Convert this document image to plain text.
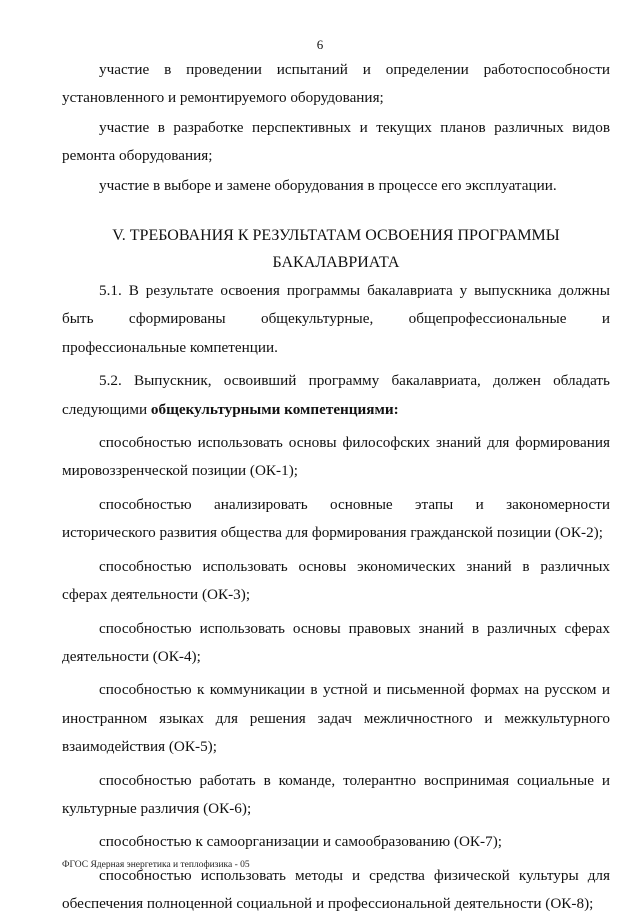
6

участие в проведении испытаний и определении работоспособности установленного и ремонтируемого оборудования;

участие в разработке перспективных и текущих планов различных видов ремонта оборудования;

участие в выборе и замене оборудования в процессе его эксплуатации.

V. ТРЕБОВАНИЯ К РЕЗУЛЬТАТАМ ОСВОЕНИЯ ПРОГРАММЫ
БАКАЛАВРИАТА

5.1. В результате освоения программы бакалавриата у выпускника должны быть сформированы общекультурные, общепрофессиональные и профессиональные компетенции.

5.2. Выпускник, освоивший программу бакалавриата, должен обладать следующими общекультурными компетенциями:

способностью использовать основы философских знаний для формирования мировоззренческой позиции (ОК-1);

способностью анализировать основные этапы и закономерности исторического развития общества для формирования гражданской позиции (ОК-2);

способностью использовать основы экономических знаний в различных сферах деятельности (ОК-3);

способностью использовать основы правовых знаний в различных сферах деятельности (ОК-4);

способностью к коммуникации в устной и письменной формах на русском и иностранном языках для решения задач межличностного и межкультурного взаимодействия (ОК-5);

способностью работать в команде, толерантно воспринимая социальные и культурные различия (ОК-6);

способностью к самоорганизации и самообразованию (ОК-7);

способностью использовать методы и средства физической культуры для обеспечения полноценной социальной и профессиональной деятельности (ОК-8);

ФГОС Ядерная энергетика и теплофизика - 05
